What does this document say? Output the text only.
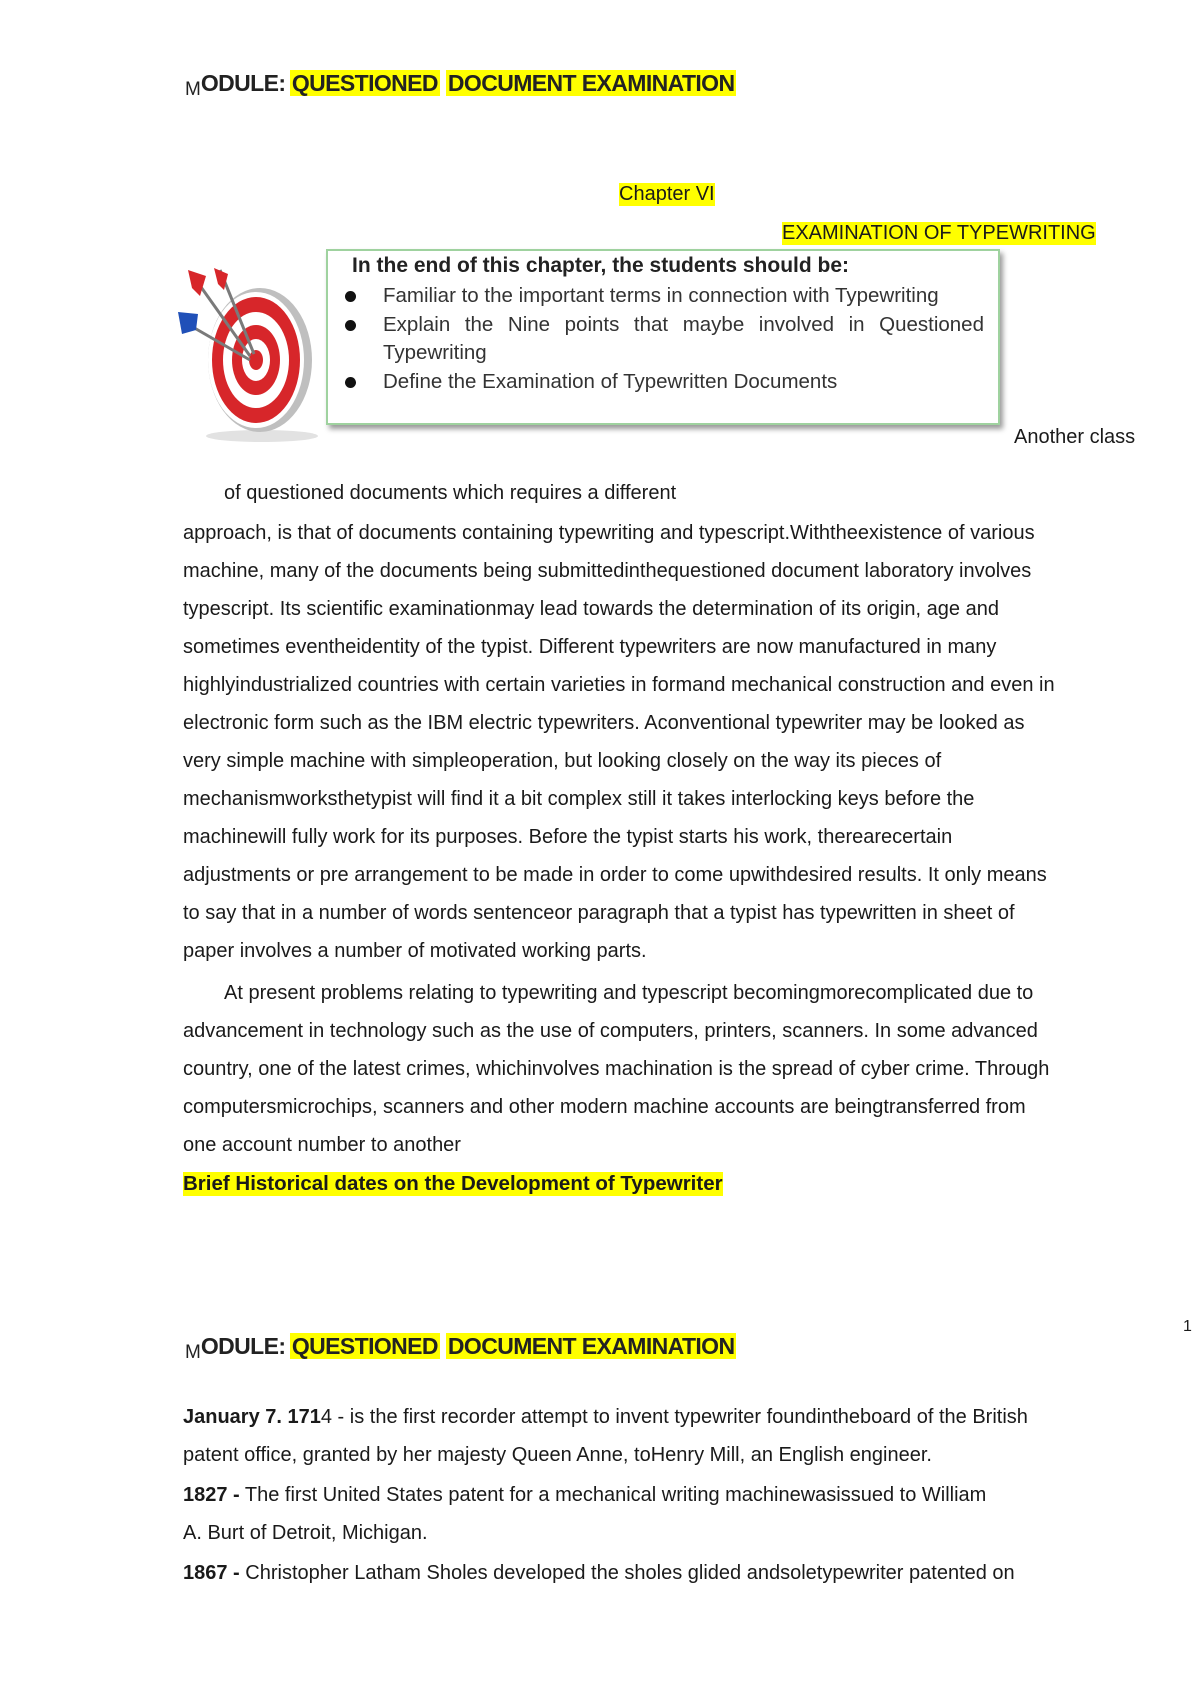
MODULE: QUESTIONED DOCUMENT EXAMINATION
Chapter VI
EXAMINATION OF TYPEWRITING
In the end of this chapter, the students should be:
Familiar to the important terms in connection with Typewriting
Explain the Nine points that maybe involved in Questioned Typewriting
Define the Examination of Typewritten Documents
Another class
of questioned documents which requires a different
approach, is that of documents containing typewriting and typescript.Withtheexistence of various
machine, many of the documents being submittedinthequestioned document laboratory involves
typescript. Its scientific examinationmay lead towards the determination of its origin, age and
sometimes eventheidentity of the typist. Different typewriters are now manufactured in many
highlyindustrialized countries with certain varieties in formand mechanical construction and even in
electronic form such as the IBM electric typewriters. Aconventional typewriter may be looked as
very simple machine with simpleoperation, but looking closely on the way its pieces of
mechanismworksthetypist will find it a bit complex still it takes interlocking keys before the
machinewill fully work for its purposes. Before the typist starts his work, therearecertain
adjustments or pre arrangement to be made in order to come upwithdesired results. It only means
to say that in a number of words sentenceor paragraph that a typist has typewritten in sheet of
paper involves a number of motivated working parts.
At present problems relating to typewriting and typescript becomingmorecomplicated due to
advancement in technology such as the use of computers, printers, scanners. In some advanced
country, one of the latest crimes, whichinvolves machination is the spread of cyber crime. Through
computersmicrochips, scanners and other modern machine accounts are beingtransferred from
one account number to another
Brief Historical dates on the Development of Typewriter
1
MODULE: QUESTIONED DOCUMENT EXAMINATION
January 7. 1714 - is the first recorder attempt to invent typewriter foundintheboard of the British
patent office, granted by her majesty Queen Anne, toHenry Mill, an English engineer.
1827 - The first United States patent for a mechanical writing machinewasissued to William
A. Burt of Detroit, Michigan.
1867 - Christopher Latham Sholes developed the sholes glided andsoletypewriter patented on
